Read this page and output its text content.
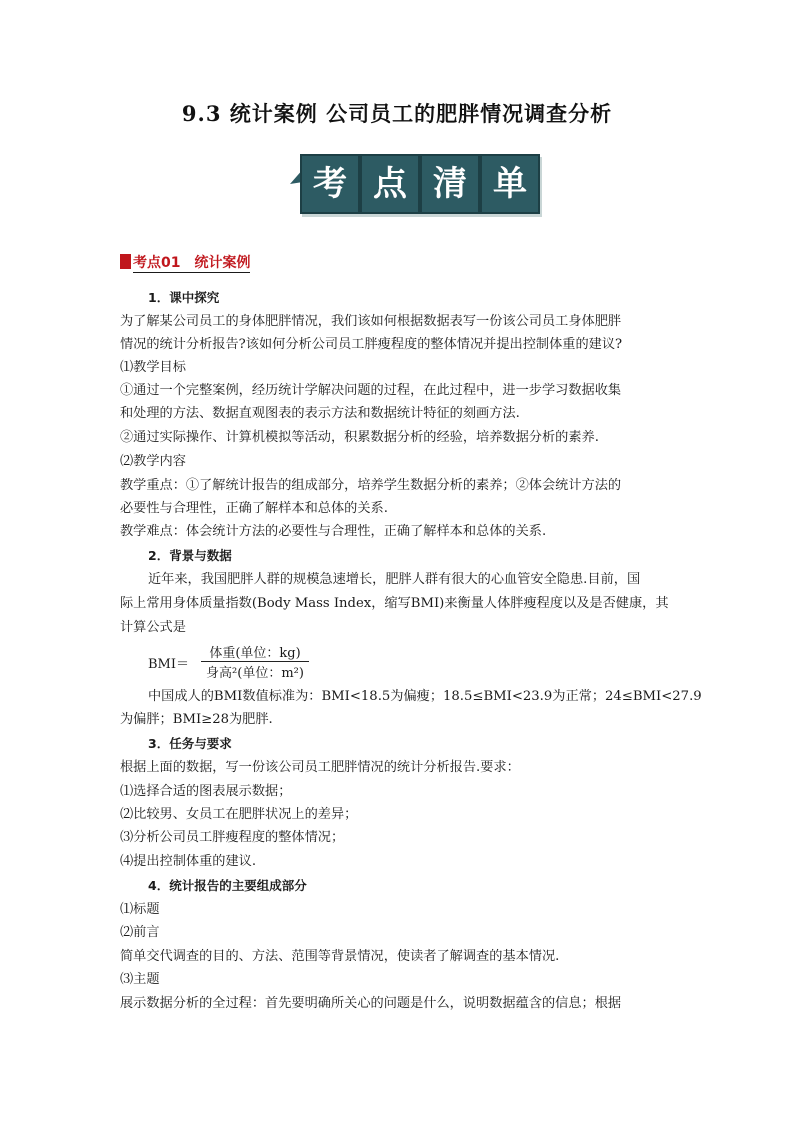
9.3 统计案例 公司员工的肥胖情况调查分析
考 点 清 单
考点01　统计案例
1．课中探究
为了解某公司员工的身体肥胖情况，我们该如何根据数据表写一份该公司员工身体肥胖
情况的统计分析报告?该如何分析公司员工胖瘦程度的整体情况并提出控制体重的建议?
⑴教学目标
①通过一个完整案例，经历统计学解决问题的过程，在此过程中，进一步学习数据收集
和处理的方法、数据直观图表的表示方法和数据统计特征的刻画方法.
②通过实际操作、计算机模拟等活动，积累数据分析的经验，培养数据分析的素养.
⑵教学内容
教学重点：①了解统计报告的组成部分，培养学生数据分析的素养；②体会统计方法的
必要性与合理性，正确了解样本和总体的关系.
教学难点：体会统计方法的必要性与合理性，正确了解样本和总体的关系.
2．背景与数据
近年来，我国肥胖人群的规模急速增长，肥胖人群有很大的心血管安全隐患.目前，国
际上常用身体质量指数(Body Mass Index，缩写BMI)来衡量人体胖瘦程度以及是否健康，其
计算公式是
BMI＝
体重(单位：kg)
身高²(单位：m²)
中国成人的BMI数值标准为：BMI<18.5为偏瘦；18.5≤BMI<23.9为正常；24≤BMI<27.9
为偏胖；BMI≥28为肥胖.
3．任务与要求
根据上面的数据，写一份该公司员工肥胖情况的统计分析报告.要求：
⑴选择合适的图表展示数据；
⑵比较男、女员工在肥胖状况上的差异；
⑶分析公司员工胖瘦程度的整体情况；
⑷提出控制体重的建议.
4．统计报告的主要组成部分
⑴标题
⑵前言
简单交代调查的目的、方法、范围等背景情况，使读者了解调查的基本情况.
⑶主题
展示数据分析的全过程：首先要明确所关心的问题是什么，说明数据蕴含的信息；根据
